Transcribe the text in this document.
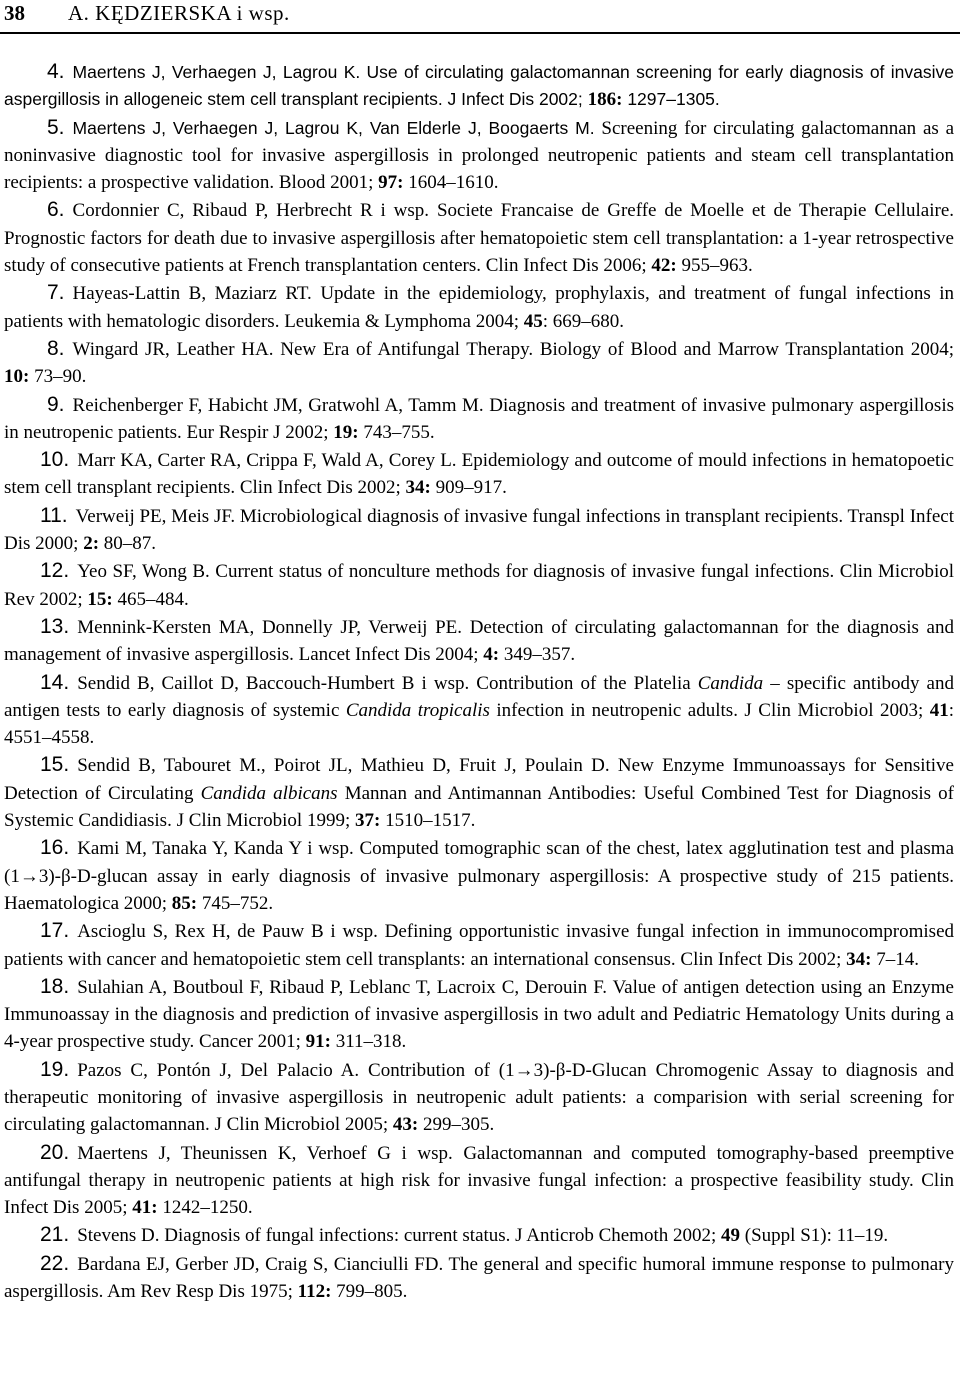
38 A. KĘDZIERSKA i wsp.

4. Maertens J, Verhaegen J, Lagrou K. Use of circulating galactomannan screening for early diagnosis of invasive aspergillosis in allogeneic stem cell transplant recipients. J Infect Dis 2002; 186: 1297–1305.

5. Maertens J, Verhaegen J, Lagrou K, Van Elderle J, Boogaerts M. Screening for circulating galactomannan as a noninvasive diagnostic tool for invasive aspergillosis in prolonged neutropenic patients and steam cell transplantation recipients: a prospective validation. Blood 2001; 97: 1604–1610.

6. Cordonnier C, Ribaud P, Herbrecht R i wsp. Societe Francaise de Greffe de Moelle et de Therapie Cellulaire. Prognostic factors for death due to invasive aspergillosis after hematopoietic stem cell transplantation: a 1-year retrospective study of consecutive patients at French transplantation centers. Clin Infect Dis 2006; 42: 955–963.

7. Hayeas-Lattin B, Maziarz RT. Update in the epidemiology, prophylaxis, and treatment of fungal infections in patients with hematologic disorders. Leukemia & Lymphoma 2004; 45: 669–680.

8. Wingard JR, Leather HA. New Era of Antifungal Therapy. Biology of Blood and Marrow Transplantation 2004; 10: 73–90.

9. Reichenberger F, Habicht JM, Gratwohl A, Tamm M. Diagnosis and treatment of invasive pulmonary aspergillosis in neutropenic patients. Eur Respir J 2002; 19: 743–755.

10. Marr KA, Carter RA, Crippa F, Wald A, Corey L. Epidemiology and outcome of mould infections in hematopoetic stem cell transplant recipients. Clin Infect Dis 2002; 34: 909–917.

11. Verweij PE, Meis JF. Microbiological diagnosis of invasive fungal infections in transplant recipients. Transpl Infect Dis 2000; 2: 80–87.

12. Yeo SF, Wong B. Current status of nonculture methods for diagnosis of invasive fungal infections. Clin Microbiol Rev 2002; 15: 465–484.

13. Mennink-Kersten MA, Donnelly JP, Verweij PE. Detection of circulating galactomannan for the diagnosis and management of invasive aspergillosis. Lancet Infect Dis 2004; 4: 349–357.

14. Sendid B, Caillot D, Baccouch-Humbert B i wsp. Contribution of the Platelia Candida – specific antibody and antigen tests to early diagnosis of systemic Candida tropicalis infection in neutropenic adults. J Clin Microbiol 2003; 41: 4551–4558.

15. Sendid B, Tabouret M., Poirot JL, Mathieu D, Fruit J, Poulain D. New Enzyme Immunoassays for Sensitive Detection of Circulating Candida albicans Mannan and Antimannan Antibodies: Useful Combined Test for Diagnosis of Systemic Candidiasis. J Clin Microbiol 1999; 37: 1510–1517.

16. Kami M, Tanaka Y, Kanda Y i wsp. Computed tomographic scan of the chest, latex agglutination test and plasma (1→3)-β-D-glucan assay in early diagnosis of invasive pulmonary aspergillosis: A prospective study of 215 patients. Haematologica 2000; 85: 745–752.

17. Ascioglu S, Rex H, de Pauw B i wsp. Defining opportunistic invasive fungal infection in immunocompromised patients with cancer and hematopoietic stem cell transplants: an international consensus. Clin Infect Dis 2002; 34: 7–14.

18. Sulahian A, Boutboul F, Ribaud P, Leblanc T, Lacroix C, Derouin F. Value of antigen detection using an Enzyme Immunoassay in the diagnosis and prediction of invasive aspergillosis in two adult and Pediatric Hematology Units during a 4-year prospective study. Cancer 2001; 91: 311–318.

19. Pazos C, Pontón J, Del Palacio A. Contribution of (1→3)-β-D-Glucan Chromogenic Assay to diagnosis and therapeutic monitoring of invasive aspergillosis in neutropenic adult patients: a comparision with serial screening for circulating galactomannan. J Clin Microbiol 2005; 43: 299–305.

20. Maertens J, Theunissen K, Verhoef G i wsp. Galactomannan and computed tomography-based preemptive antifungal therapy in neutropenic patients at high risk for invasive fungal infection: a prospective feasibility study. Clin Infect Dis 2005; 41: 1242–1250.

21. Stevens D. Diagnosis of fungal infections: current status. J Anticrob Chemoth 2002; 49 (Suppl S1): 11–19.

22. Bardana EJ, Gerber JD, Craig S, Cianciulli FD. The general and specific humoral immune response to pulmonary aspergillosis. Am Rev Resp Dis 1975; 112: 799–805.
